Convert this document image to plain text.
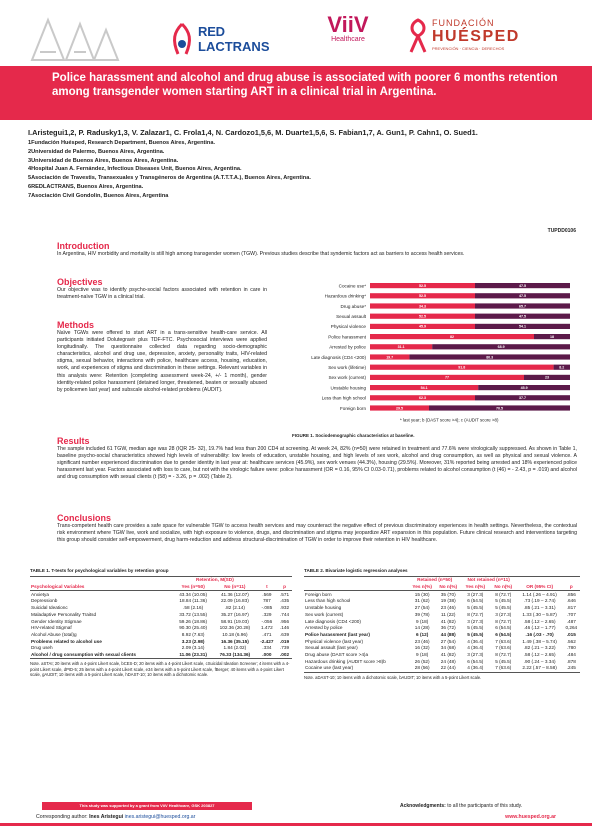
RED
LACTRANS
ViiV
Healthcare
FUNDACIÓN
HUÉSPED
PREVENCIÓN · CIENCIA · DERECHOS
Police harassment and alcohol and drug abuse is associated with poorer 6 months retention among transgender women starting ART in a clinical trial in Argentina.
I.Aristegui1,2, P. Radusky1,3, V. Zalazar1, C. Frola1,4, N. Cardozo1,5,6, M. Duarte1,5,6, S. Fabian1,7, A. Gun1, P. Cahn1, O. Sued1.
1Fundación Huésped, Research Department, Buenos Aires, Argentina.
2Universidad de Palermo, Buenos Aires, Argentina.
3Universidad de Buenos Aires, Buenos Aires, Argentina.
4Hospital Juan A. Fernández, Infectious Diseases Unit, Buenos Aires, Argentina.
5Asociación de Travestis, Transexuales y Transgéneros de Argentina (A.T.T.T.A.), Buenos Aires, Argentina.
6REDLACTRANS, Buenos Aires, Argentina.
7Asociación Civil Gondolin, Buenos Aires, Argentina
TUPDD0106
Introduction

In Argentina, HIV morbidity and mortality is still high among transgender women (TGW). Previous studies describe that syndemic factors act as barriers to access health services.

Objectives

Our objective was to identify psycho-social factors associated with retention in care in treatment-naïve TGW in a clinical trial.

Methods

Naïve TGWs were offered to start ART in a trans-sensitive health-care service. All participants initiated Dolutegravir plus TDF-FTC. Psychosocial interviews were applied longitudinally. The questionnaire collected data regarding socio-demographic characteristics, alcohol and drug use, depression, anxiety, personality traits, HIV-related stigma, sexual behavior, interactions with police, healthcare access, housing, education, work, and experiences of stigma and discrimination in these settings. Relevant variables in this analysis were: Retention (completing assessment week-24, +/- 1 month), gender identity-related police harassment (detained longer, threatened, beaten or sexually abused by policemen last year) and subscale alcohol-related problems (AUDIT).

Cocaine use*	52.5	47.5
Hazardous drinking*	52.5	47.5
Drug abuse*	34.3	65.7
Sexual assault	52.5	47.5
Physical violence	45.9	54.1
Police harassment	82	18
Arrested by police	31.1	68.9
Late diagnosis (CD4 <200)	19.7	80.3
Sex work (lifetime)	91.8	8.2
Sex work (current)	77	23
Unstable housing	54.1	45.9
Less than high school	62.3	37.7
Foreign born	29.5	70.5
* last year; b (DAST score >4); c (AUDIT score >8)
FIGURE 1. Sociodemographic characteristics at baseline.
Results

The sample included 61 TGW, median age was 28 (IQR 25- 32), 19.7% had less than 200 CD4 at screening. At week 24, 82% (n=50) were retained in treatment and 77.6% were virologically suppressed. As shown in Table 1, baseline psycho-social characteristics showed high levels of vulnerability: low levels of education, unstable housing, and high levels of sex work, alcohol and drug consumption, as well as physical and sexual violence. A significant number experienced discrimination due to gender identity in last year at: healthcare services (45.9%), sex work venues (44.3%), housing (29.5%). Moreover, 31% reported being arrested and 18% experienced police harassment last year. Factors associated with loss to care, but not with the virologic failure were: police harassment (OR = 0.16, 95% CI 0.03-0.71), problems related to alcohol consumption (t (46) = - 2.43, p = .019) and alcohol and drug consumption with sexual clients (t (58) = - 3.26, p = .002) (Table 2).

Conclusions

Trans-competent health care provides a safe space for vulnerable TGW to access health services and may counteract the negative effect of previous discriminatory experiences in health settings. Nevertheless, the contextual risk environment where TGW live, work and socialize, with high exposure to violence, drugs, and discrimination and stigma may jeopardize ART expansion in this population. Future clinical research and interventions targeting this group should consider self-empowerment, drug harm-reduction and address structural-discrimination of TGW in order to improve their retention in HIV healthcare.

TABLE 1. T-tests for psychological variables by retention group
	Retention, M(SD)			
Psychological Variables	Yes (n=50)	No (n=11)	t	p
Anxietya	43.34 (10.05)	41.36 (12.07)	.569	.571
Depressionb	18.84 (11.36)	22.09 (16.83)	787	.435
Suicidal Ideationc	.58 (2.16)	.82 (2.14)	-.085	.932
Maladaptive Personality Traitsd	33.72 (13.55)	35.27 (16.97)	.329	.744
Gender Identity Stigmae	59.26 (18.86)	58.91 (19.03)	-.056	.956
HIV-related Stigmaf	90.30 (25.40)	102.36 (20.28)	1.472	.146
Alcohol Abuse (total)g	8.92 (7.63)	10.18 (6.96)	.471	.639
Problems related to alcohol use	3.23 (2.98)	16.36 (35.15)	-2.427	.019
Drug useh	2.09 (3.14)	1.84 (2.02)	.334	.739
Alcohol / drug consumption with sexual clients	11.06 (23.31)	76.33 (134.36)	.000	.002
Note. aSTAI; 20 items with a 4-point Likert scale, bCES-D; 20 items with a 4-point Likert scale, cSuicidal Ideation Screener; 4 items with a 4-point Likert scale, dPID-5; 25 items with a 4-point Likert scale, e34 items with a 5-point Likert scale, fBerger; 40 items with a 4-point Likert scale, gAUDIT; 10 items with a 5-point Likert scale, hDAST-10; 10 items with a dichotomic scale.
TABLE 2. Bivariate logistic regression analyses
	Retained (n=50)		Not retained (n=11)			
	Yes n(%)	No n(%)	Yes n(%)	No n(%)	OR (95% CI)	p
Foreign born	15 (30)	35 (70)	3 (27.3)	8 (72.7)	1.14 (.26 – 4.91)	.856
Less than high school	31 (62)	19 (38)	6 (54.5)	5 (45.5)	.73 (.19 – 2.74)	.646
Unstable housing	27 (54)	23 (46)	5 (45.5)	5 (45.5)	.85 (.21 – 3.31)	.817
Sex work (current)	39 (78)	11 (22)	8 (72.7)	3 (27.3)	1.33 (.30 – 5.87)	.707
Late diagnosis (CD4 <200)	9 (18)	41 (82)	3 (27.3)	8 (72.7)	.58 (.12 – 2.65)	.487
Arrested by police	14 (28)	36 (72)	5 (45.5)	6 (54.5)	.46 (.12 – 1.77)	0,264
Police harassment (last year)	6 (12)	44 (88)	5 (45.5)	6 (54.5)	.16 (.03 - .70)	.015
Physical violence (last year)	23 (46)	27 (54)	4 (36.4)	7 (63.6)	1.49 (.38 – 5.74)	.562
Sexual assault (last year)	16 (32)	34 (68)	4 (36.4)	7 (63.6)	.82 (.21 – 3.22)	.780
Drug abuse (DAST score >4)a	9 (18)	41 (82)	3 (27.3)	8 (72.7)	.58 (.12 – 2.65)	.484
Hazardous drinking (AUDIT score >8)b	26 (52)	24 (48)	6 (54.5)	5 (45.5)	.90 (.24 – 3.34)	.878
Cocaine use (last year)	28 (56)	22 (44)	4 (36.4)	7 (63.6)	2.22 (.57 – 8.58)	.245
Note. aDAST-10; 10 items with a dichotomic scale, bAUDIT; 10 items with a 5-point Likert scale.
This study was supported by a grant from ViiV Healthcare, GSK 203827	Acknowledgments: to all the participants of this study.
Corresponding author: Ines Aristegui ines.aristegui@huesped.org.ar	www.huesped.org.ar
